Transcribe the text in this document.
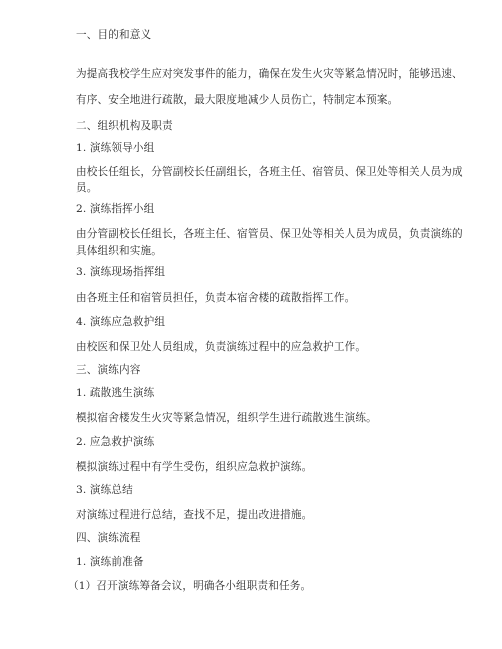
一、目的和意义
为提高我校学生应对突发事件的能力，确保在发生火灾等紧急情况时，能够迅速、
有序、安全地进行疏散，最大限度地减少人员伤亡，特制定本预案。
二、组织机构及职责
1. 演练领导小组
由校长任组长，分管副校长任副组长，各班主任、宿管员、保卫处等相关人员为成
员。
2. 演练指挥小组
由分管副校长任组长，各班主任、宿管员、保卫处等相关人员为成员，负责演练的
具体组织和实施。
3. 演练现场指挥组
由各班主任和宿管员担任，负责本宿舍楼的疏散指挥工作。
4. 演练应急救护组
由校医和保卫处人员组成，负责演练过程中的应急救护工作。
三、演练内容
1. 疏散逃生演练
模拟宿舍楼发生火灾等紧急情况，组织学生进行疏散逃生演练。
2. 应急救护演练
模拟演练过程中有学生受伤，组织应急救护演练。
3. 演练总结
对演练过程进行总结，查找不足，提出改进措施。
四、演练流程
1. 演练前准备
（1）召开演练筹备会议，明确各小组职责和任务。
